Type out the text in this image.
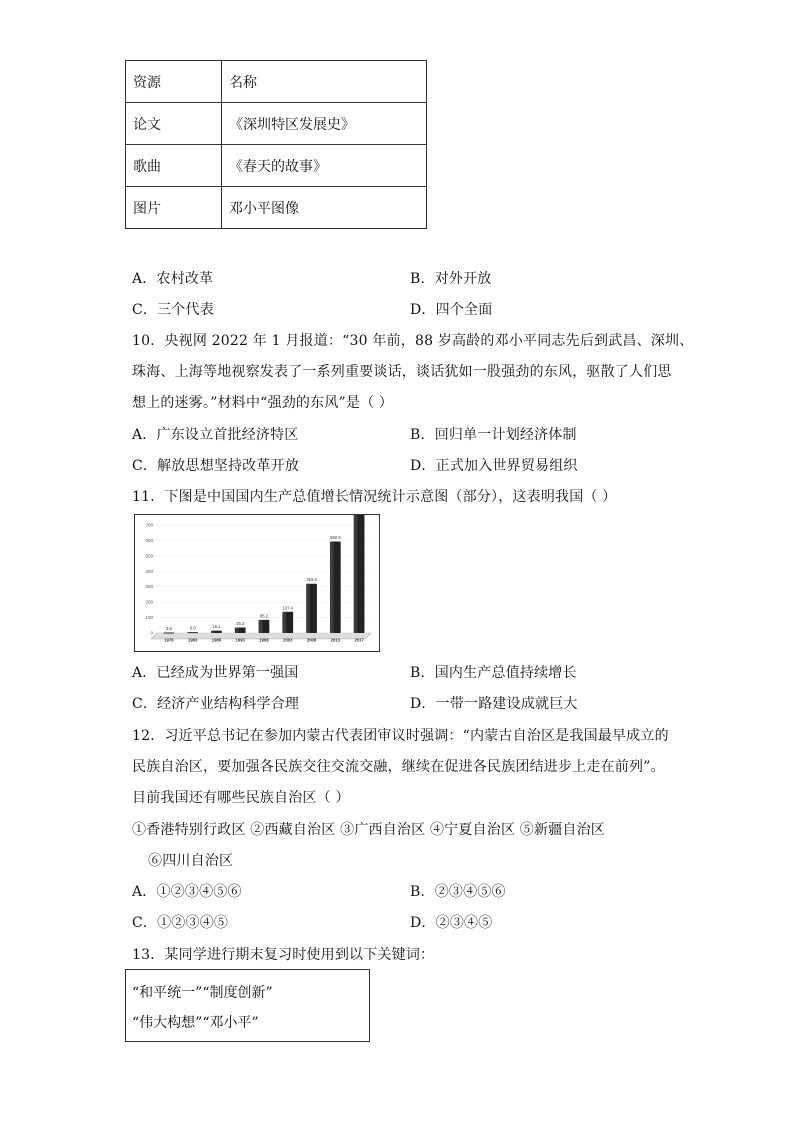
资源	名称
论文	《深圳特区发展史》
歌曲	《春天的故事》
图片	邓小平图像
A．农村改革	B．对外开放
C．三个代表	D．四个全面
10．央视网 2022 年 1 月报道：“30 年前，88 岁高龄的邓小平同志先后到武昌、深圳、
珠海、上海等地视察发表了一系列重要谈话，谈话犹如一股强劲的东风，驱散了人们思
想上的迷雾。”材料中“强劲的东风”是（ ）
A．广东设立首批经济特区	B．回归单一计划经济体制
C．解放思想坚持改革开放	D．正式加入世界贸易组织
11．下图是中国国内生产总值增长情况统计示意图（部分），这表明我国（ ）
0
100
200
300
400
500
600
700
3.6
1978
6.0
1983
15.1
1988
35.3
1993
85.2
1998
137.4
2003
319.5
2008
592.9
2013	2017
A．已经成为世界第一强国	B．国内生产总值持续增长
C．经济产业结构科学合理	D．一带一路建设成就巨大
12．习近平总书记在参加内蒙古代表团审议时强调：“内蒙古自治区是我国最早成立的
民族自治区，要加强各民族交往交流交融，继续在促进各民族团结进步上走在前列”。
目前我国还有哪些民族自治区（ ）
①香港特别行政区 ②西藏自治区 ③广西自治区 ④宁夏自治区 ⑤新疆自治区
⑥四川自治区
A．①②③④⑤⑥	B．②③④⑤⑥
C．①②③④⑤	D．②③④⑤
13．某同学进行期末复习时使用到以下关键词：
“和平统一”“制度创新”
“伟大构想”“邓小平”
